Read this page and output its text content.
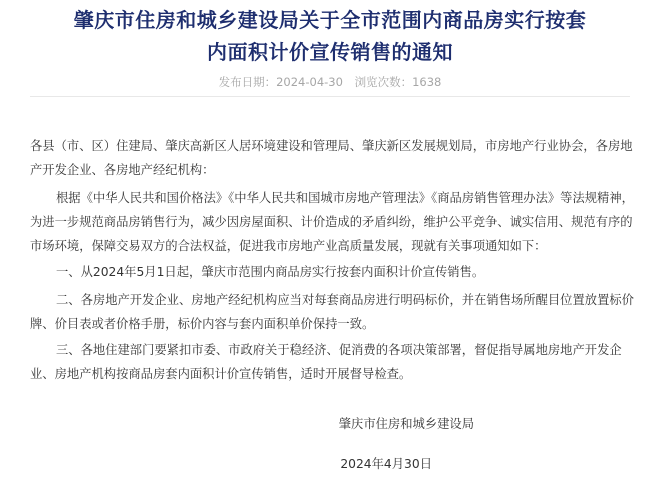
肇庆市住房和城乡建设局关于全市范围内商品房实行按套
内面积计价宣传销售的通知
发布日期：2024-04-30 浏览次数：1638

各县（市、区）住建局、肇庆高新区人居环境建设和管理局、肇庆新区发展规划局，市房地产行业协会，各房地产开发企业、各房地产经纪机构：

根据《中华人民共和国价格法》《中华人民共和国城市房地产管理法》《商品房销售管理办法》等法规精神，为进一步规范商品房销售行为，减少因房屋面积、计价造成的矛盾纠纷，维护公平竞争、诚实信用、规范有序的市场环境，保障交易双方的合法权益，促进我市房地产业高质量发展，现就有关事项通知如下：

一、从2024年5月1日起，肇庆市范围内商品房实行按套内面积计价宣传销售。

二、各房地产开发企业、房地产经纪机构应当对每套商品房进行明码标价，并在销售场所醒目位置放置标价牌、价目表或者价格手册，标价内容与套内面积单价保持一致。

三、各地住建部门要紧扣市委、市政府关于稳经济、促消费的各项决策部署，督促指导属地房地产开发企业、房地产机构按商品房套内面积计价宣传销售，适时开展督导检查。

肇庆市住房和城乡建设局
2024年4月30日
